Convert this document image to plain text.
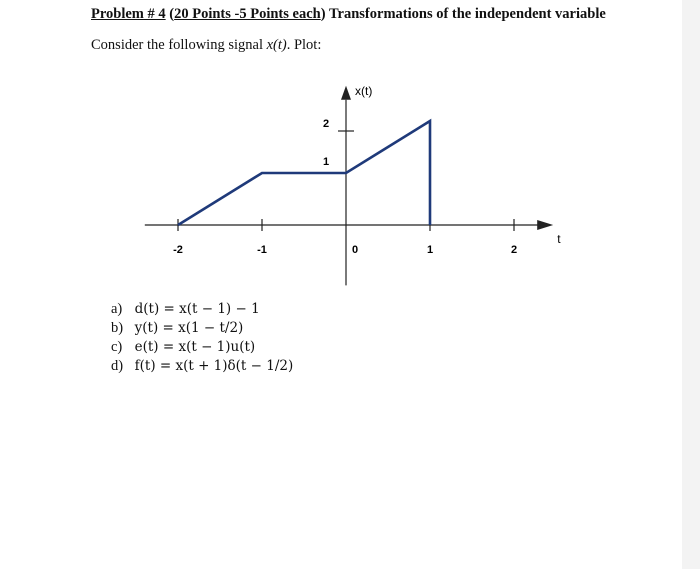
Problem # 4 (20 Points -5 Points each) Transformations of the independent variable
Consider the following signal x(t). Plot:
-2	-1	0	1	2
1
2
x(t)
t
a) d(t) = x(t − 1) − 1
b) y(t) = x(1 − t/2)
c) e(t) = x(t − 1)u(t)
d) f(t) = x(t + 1)δ(t − 1/2)
